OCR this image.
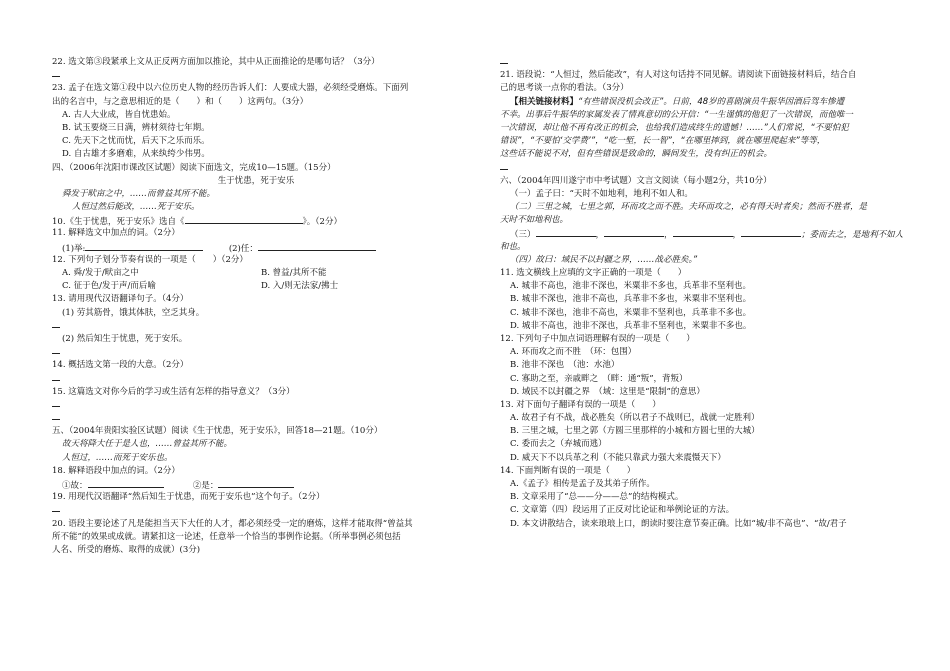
22. 选文第③段紧承上文从正反两方面加以推论，其中从正面推论的是哪句话？（3分）
23. 孟子在选文第①段中以六位历史人物的经历告诉人们：人要成大器，必须经受磨炼。下面列
出的名言中，与之意思相近的是（　　）和（　　）这两句。（3分）
A. 古人大业成，皆自忧患始。
B. 试玉要烧三日满，辨材须待七年期。
C. 先天下之忧而忧，后天下之乐而乐。
D. 自古雄才多磨难，从来纨绔少伟男。
四、（2006年沈阳市课改区试题）阅读下面选文，完成10—15题。（15分）
生于忧患，死于安乐
舜发于畎亩之中，……而曾益其所不能。
人恒过然后能改，……死于安乐。
10.《生于忧患，死于安乐》选自《	》。（2分）
11. 解释选文中加点的词。（2分）
(1)举:	(2)任：
12. 下列句子划分节奏有误的一项是（　　）（2分）
A. 舜/发于/畎亩之中	B. 曾益/其所不能
C. 征于色/发于声/而后喻	D. 入/则无法家/拂士
13. 请用现代汉语翻译句子。（4分）
(1) 劳其筋骨，饿其体肤，空乏其身。
(2) 然后知生于忧患，死于安乐。
14. 概括选文第一段的大意。（2分）
15. 这篇选文对你今后的学习或生活有怎样的指导意义？（3分）
五、（2004年贵阳实验区试题）阅读《生于忧患，死于安乐》，回答18—21题。（10分）
故天将降大任于是人也，……曾益其所不能。
人恒过，……而死于安乐也。
18. 解释语段中加点的词。（2分）
①故：	②是：
19. 用现代汉语翻译“然后知生于忧患，而死于安乐也”这个句子。（2分）
20. 语段主要论述了凡是能担当天下大任的人才，都必须经受一定的磨炼，这样才能取得“曾益其
所不能”的效果或成就。请紧扣这一论述，任意举一个恰当的事例作论据。（所举事例必须包括
人名、所受的磨炼、取得的成就）(3分)
21. 语段说：“人恒过，然后能改”，有人对这句话持不同见解。请阅读下面链接材料后，结合自
己的思考谈一点你的看法。（3分）
【相关链接材料】“有些错误没机会改正”。日前，48岁的喜剧演员牛振华因酒后驾车惨遭
不幸。出事后牛振华的家属发表了情真意切的公开信：“一生谨慎的他犯了一次错误，而他唯一
一次错误，却让他不再有改正的机会，也给我们造成终生的遗憾！……”人们常说，“不要怕犯
错误”，“不要怕‘交学费’”，“吃一堑，长一智”，“在哪里摔到，就在哪里爬起来”等等，
这些话不能说不对，但有些错误是致命的，瞬间发生，没有纠正的机会。
六、（2004年四川遂宁市中考试题）文言文阅读（每小题2分，共10分）
（一）孟子曰：“天时不如地利，地利不如人和。
（二）三里之城，七里之郭，环而攻之而不胜。夫环而攻之，必有得天时者矣；然而不胜者，是
天时不如地利也。
（三）	，	，	，	；委而去之，是地利不如人
和也。
（四）故曰：域民不以封疆之界，……战必胜矣。”
11. 选文横线上应填的文字正确的一项是（　　）
A. 城非不高也，池非不深也，米粟非不多也，兵革非不坚利也。
B. 城非不深也，池非不高也，兵革非不多也，米粟非不坚利也。
C. 城非不深也，池非不高也，米粟非不坚利也，兵革非不多也。
D. 城非不高也，池非不深也，兵革非不坚利也，米粟非不多也。
12. 下列句子中加点词语理解有误的一项是（　　）
A. 环而攻之而不胜　（环：包围）
B. 池非不深也　（池：水池）
C. 寡助之至，亲戚畔之　（畔：通“叛”，背叛）
D. 域民不以封疆之界　（域：这里是“限制”的意思）
13. 对下面句子翻译有误的一项是（　　）
A. 故君子有不战，战必胜矣（所以君子不战则已，战就一定胜利）
B. 三里之城，七里之郭（方圆三里那样的小城和方圆七里的大城）
C. 委而去之（弃城而逃）
D. 威天下不以兵革之利（不能只靠武力强大来震慑天下）
14. 下面判断有误的一项是（　　）
A.《孟子》相传是孟子及其弟子所作。
B. 文章采用了“总——分——总”的结构模式。
C. 文章第（四）段运用了正反对比论证和举例论证的方法。
D. 本文讲散结合，读来琅琅上口，朗读时要注意节奏正确。比如“城/非不高也”、“故/君子
